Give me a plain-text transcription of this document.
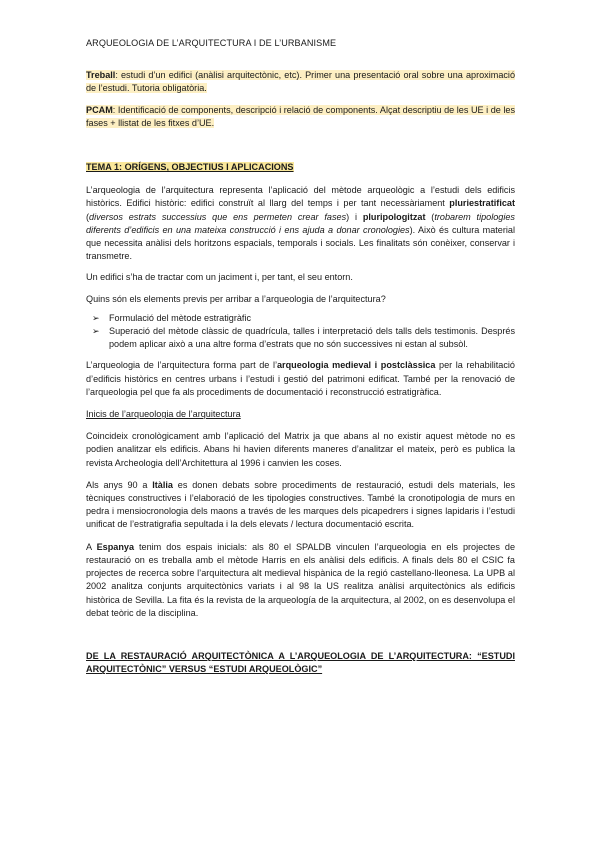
ARQUEOLOGIA DE L’ARQUITECTURA I DE L’URBANISME

Treball: estudi d’un edifici (anàlisi arquitectònic, etc). Primer una presentació oral sobre una aproximació de l’estudi. Tutoria obligatòria.

PCAM: Identificació de components, descripció i relació de components. Alçat descriptiu de les UE i de les fases + llistat de les fitxes d’UE.

TEMA 1: ORÍGENS, OBJECTIUS I APLICACIONS

L’arqueologia de l’arquitectura representa l’aplicació del mètode arqueològic a l’estudi dels edificis històrics. Edifici històric: edifici construït al llarg del temps i per tant necessàriament pluriestratificat (diversos estrats successius que ens permeten crear fases) i pluripologitzat (trobarem tipologies diferents d’edificis en una mateixa construcció i ens ajuda a donar cronologies). Això és cultura material que necessita anàlisi dels horitzons espacials, temporals i socials. Les finalitats són conèixer, conservar i transmetre.

Un edifici s’ha de tractar com un jaciment i, per tant, el seu entorn.

Quins són els elements previs per arribar a l’arqueologia de l’arquitectura?

➢ Formulació del mètode estratigràfic
➢ Superació del mètode clàssic de quadrícula, talles i interpretació dels talls dels testimonis. Després podem aplicar això a una altre forma d’estrats que no són successives ni estan al subsòl.

L’arqueologia de l’arquitectura forma part de l’arqueologia medieval i postclàssica per la rehabilitació d’edificis històrics en centres urbans i l’estudi i gestió del patrimoni edificat. També per la renovació de l’arqueologia pel que fa als procediments de documentació i reconstrucció estratigràfica.

Inicis de l’arqueologia de l’arquitectura

Coincideix cronològicament amb l’aplicació del Matrix ja que abans al no existir aquest mètode no es podien analitzar els edificis. Abans hi havien diferents maneres d’analitzar el mateix, però es publica la revista Archeologia dell’Architettura al 1996 i canvien les coses.

Als anys 90 a Itàlia es donen debats sobre procediments de restauració, estudi dels materials, les tècniques constructives i l’elaboració de les tipologies constructives. També la cronotipologia de murs en pedra i mensiocronologia dels maons a través de les marques dels picapedrers i signes lapidaris i l’estudi unificat de l’estratigrafia sepultada i la dels elevats / lectura documentació escrita.

A Espanya tenim dos espais inicials: als 80 el SPALDB vinculen l’arqueologia en els projectes de restauració on es treballa amb el mètode Harris en els anàlisi dels edificis. A finals dels 80 el CSIC fa projectes de recerca sobre l’arquitectura alt medieval hispànica de la regió castellano-lleonesa. La UPB al 2002 analitza conjunts arquitectònics variats i al 98 la US realitza anàlisi arquitectònics als edificis històrica de Sevilla. La fita és la revista de la arqueología de la arquitectura, al 2002, on es desenvolupa el debat teòric de la disciplina.

DE LA RESTAURACIÓ ARQUITECTÒNICA A L’ARQUEOLOGIA DE L’ARQUITECTURA: “ESTUDI ARQUITECTÒNIC” VERSUS “ESTUDI ARQUEOLÒGIC”
